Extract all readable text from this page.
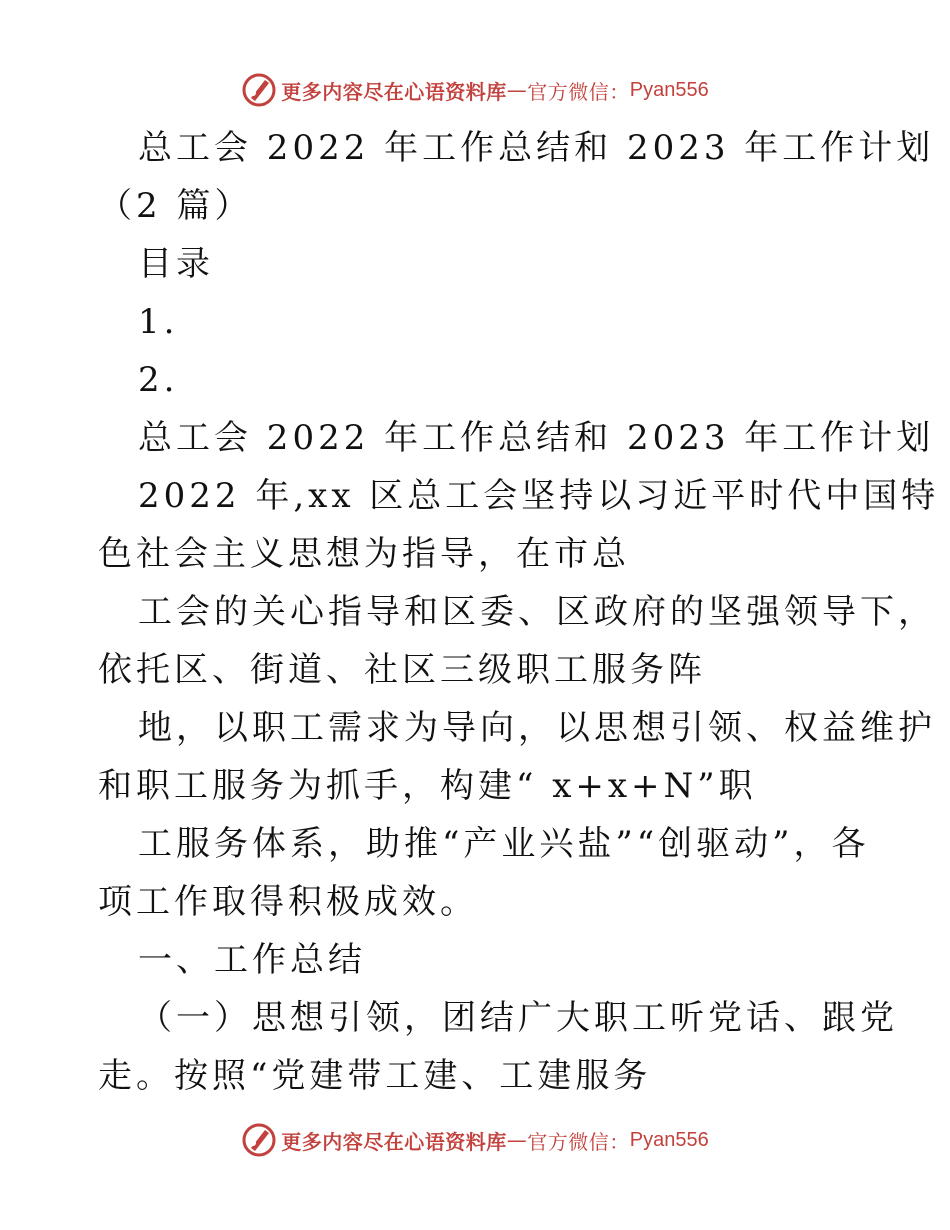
更多内容尽在心语资料库 — 官方微信： Pyan556
总工会 2022 年工作总结和 2023 年工作计划
（2 篇）
目录
1.
2.
总工会 2022 年工作总结和 2023 年工作计划
2022 年,xx 区总工会坚持以习近平时代中国特
色社会主义思想为指导，在市总
工会的关心指导和区委、区政府的坚强领导下，
依托区、街道、社区三级职工服务阵
地，以职工需求为导向，以思想引领、权益维护
和职工服务为抓手，构建“ x+x+N”职
工服务体系，助推“产业兴盐”“创驱动”，各
项工作取得积极成效。
一、工作总结
（一）思想引领，团结广大职工听党话、跟党
走。按照“党建带工建、工建服务
更多内容尽在心语资料库 — 官方微信： Pyan556
